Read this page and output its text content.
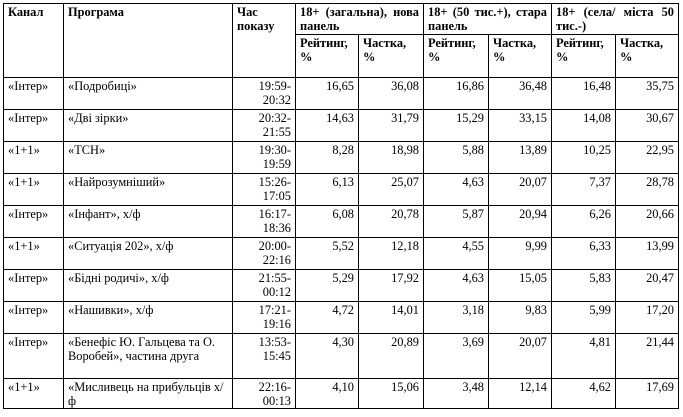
Канал	Програма	Час показу	18+ (загальна), нова панель		18+ (50 тис.+), стара панель		18+ (села/ міста 50 тис.-)	

			Рейтинг, %	Частка, %	Рейтинг, %	Частка, %	Рейтинг, %	Частка, %
«Інтер»	«Подробиці»	19:59-20:32	16,65	36,08	16,86	36,48	16,48	35,75
«Інтер»	«Дві зірки»	20:32-21:55	14,63	31,79	15,29	33,15	14,08	30,67
«1+1»	«ТСН»	19:30-19:59	8,28	18,98	5,88	13,89	10,25	22,95
«1+1»	«Найрозумніший»	15:26-17:05	6,13	25,07	4,63	20,07	7,37	28,78
«Інтер»	«Інфант», х/ф	16:17-18:36	6,08	20,78	5,87	20,94	6,26	20,66
«1+1»	«Ситуація 202», х/ф	20:00-22:16	5,52	12,18	4,55	9,99	6,33	13,99
«Інтер»	«Бідні родичі», х/ф	21:55-00:12	5,29	17,92	4,63	15,05	5,83	20,47
«Інтер»	«Нашивки», х/ф	17:21-19:16	4,72	14,01	3,18	9,83	5,99	17,20
«Інтер»	«Бенефіс Ю. Гальцева та О. Воробей», частина друга	13:53-15:45	4,30	20,89	3,69	20,07	4,81	21,44
«1+1»	«Мисливець на прибульців х/ф	22:16-00:13	4,10	15,06	3,48	12,14	4,62	17,69
